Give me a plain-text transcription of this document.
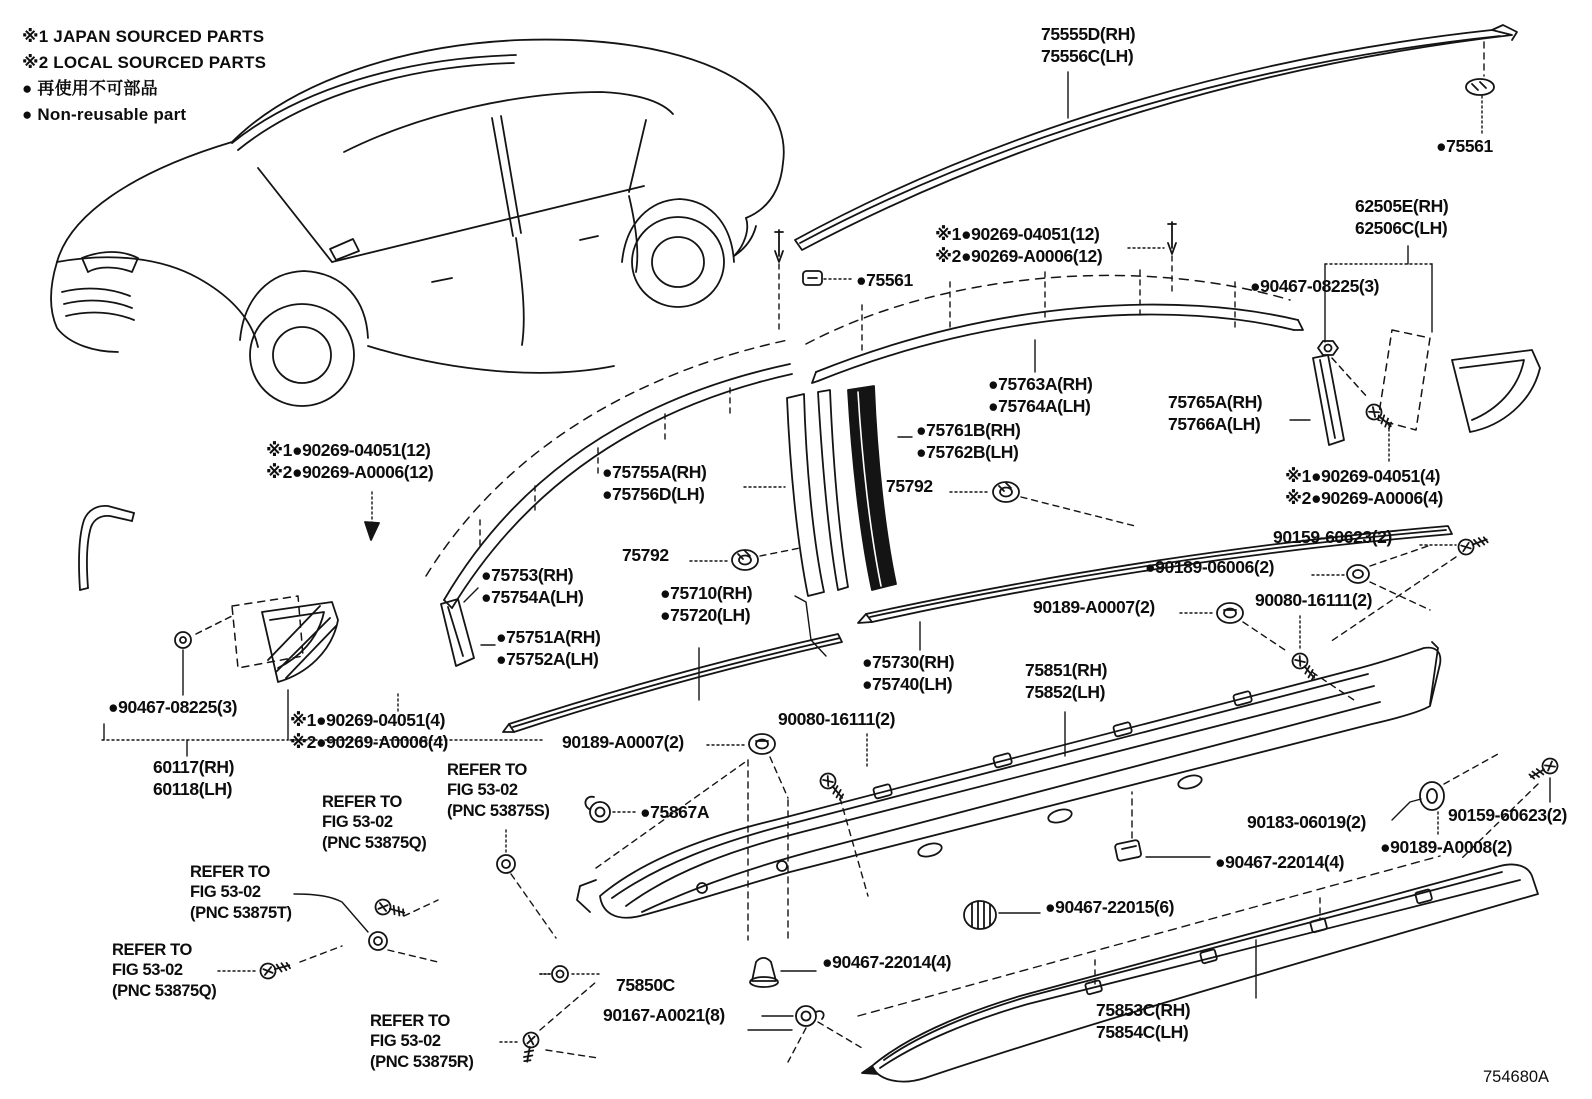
※1 JAPAN SOURCED PARTS
※2 LOCAL SOURCED PARTS
● 再使用不可部品
● Non-reusable part
75555D(RH)
75556C(LH)
●75561
62505E(RH)
62506C(LH)
※1●90269-04051(12)
※2●90269-A0006(12)
●75561	●90467-08225(3)
●75763A(RH)
●75764A(LH)	75765A(RH)
75766A(LH)
●75761B(RH)
●75762B(LH)
※1●90269-04051(12)
※2●90269-A0006(12)	●75755A(RH)
●75756D(LH)	75792	※1●90269-04051(4)
※2●90269-A0006(4)
90159-60623(2)
75792
●90189-06006(2)
●75753(RH)
●75754A(LH)
90189-A0007(2)	90080-16111(2)
●75710(RH)
●75720(LH)
●75751A(RH)
●75752A(LH)	●75730(RH)
●75740(LH)
75851(RH)
75852(LH)
●90467-08225(3)
90080-16111(2)
※1●90269-04051(4)
※2●90269-A0006(4)	90189-A0007(2)
60117(RH)
60118(LH)
REFER TO
FIG 53-02
(PNC 53875S)
REFER TO
FIG 53-02
(PNC 53875Q)
●75867A	90183-06019(2)	90159-60623(2)
REFER TO
FIG 53-02
(PNC 53875T)
●90189-A0008(2)
●90467-22014(4)
REFER TO
FIG 53-02
(PNC 53875Q)
●90467-22015(6)
●90467-22014(4)
75850C
90167-A0021(8)
REFER TO
FIG 53-02
(PNC 53875R)
75853C(RH)
75854C(LH)
754680A
